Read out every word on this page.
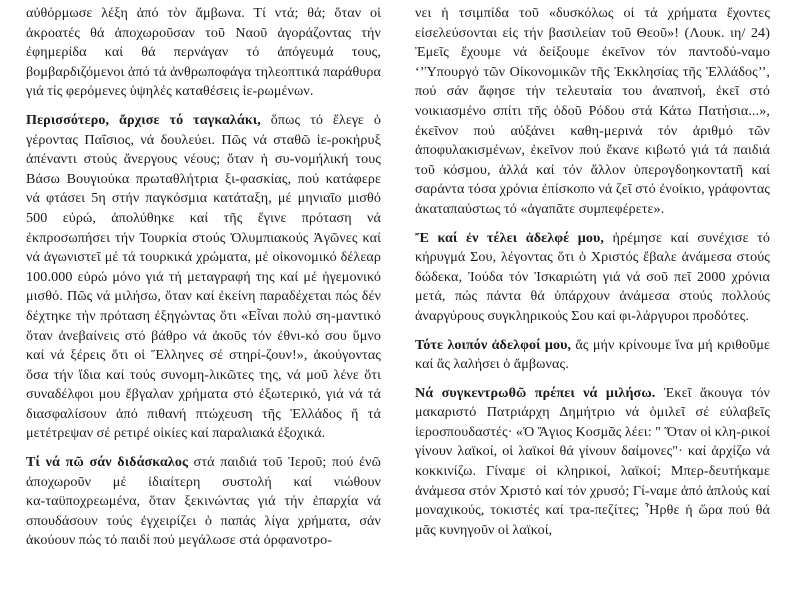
αὐθόρμωσε λέξη ἀπό τὸν ἄμβωνα. Τί ντά; θά; ὅταν οἱ ἀκροατές θά ἀποχωροῦσαν τοῦ Ναοῦ ἀγοράζοντας τήν ἐφημερίδα καί θά περνάγαν τό ἀπόγευμά τους, βομβαρδιζόμενοι ἀπό τά ἀνθρωποφάγα τηλεοπτικά παράθυρα γιά τίς φερόμενες ὑψηλές καταθέσεις ἱε‑ρωμένων.

Περισσότερο, ἄρχισε τό ταγκαλάκι, ὅπως τό ἔλεγε ὁ γέροντας Παΐσιος, νά δουλεύει. Πῶς νά σταθῶ ἱε‑ροκήρυξ ἀπέναντι στούς ἄνεργους νέους; ὅταν ἡ συ‑νομήλική τους Βάσω Βουγιούκα πρωταθλήτρια ξι‑φασκίας, πού κατάφερε νά φτάσει 5η στήν παγκόσμια κατάταξη, μέ μηνιαῖο μισθό 500 εὐρώ, ἀπολύθηκε καί τῆς ἔγινε πρόταση νά ἐκπροσωπήσει τήν Τουρκία στούς Ὀλυμπιακούς Ἀγῶνες καί νά ἀγωνιστεῖ μέ τά τουρκικά χρώματα, μέ οἰκονομικό δέλεαρ 100.000 εὐρώ μόνο γιά τή μεταγραφή της καί μέ ἡγεμονικό μισθό. Πῶς νά μιλήσω, ὅταν καί ἐκείνη παραδέχεται πώς δέν δέχτηκε τήν πρόταση ἐξηγώντας ὅτι «Εἶναι πολύ ση‑μαντικό ὅταν ἀνεβαίνεις στό βάθρο νά ἀκοῦς τόν ἐθνι‑κό σου ὕμνο καί νά ξέρεις ὅτι οἱ Ἕλληνες σέ στηρί‑ζουν!», ἀκούγοντας ὅσα τήν ἴδια καί τούς συνομη‑λικῶτες της, νά μοῦ λένε ὅτι συναδέλφοι μου ἔβγαλαν χρήματα στό ἐξωτερικό, γιά νά τά διασφαλίσουν ἀπό πιθανή πτώχευση τῆς Ἑλλάδος ἤ τά μετέτρεψαν σέ ρετιρέ οἰκίες καί παραλιακά ἐξοχικά.

Τί νά πῶ σάν διδάσκαλος στά παιδιά τοῦ Ἱεροῦ; πού ἐνῶ ἀποχωροῦν μέ ἰδιαίτερη συστολή καί νιώθουν κα‑ταϋποχρεωμένα, ὅταν ξεκινώντας γιά τήν ἐπαρχία νά σπουδάσουν τούς ἐγχειρίζει ὁ παπάς λίγα χρήματα, σάν ἀκούουν πώς τό παιδί πού μεγάλωσε στά ὀρφανοτρο‑

νει ἡ τσιμπίδα τοῦ «δυσκόλως οἱ τά χρήματα ἔχοντες εἰσελεύσονται εἰς τήν βασιλείαν τοῦ Θεοῦ»! (Λουκ. ιη/ 24) Ἐμεῖς ἔχουμε νά δείξουμε ἐκεῖνον τόν παντοδύ‑ναμο ‘’Ὑπουργό τῶν Οἰκονομικῶν τῆς Ἐκκλησίας τῆς Ἑλλάδος’’, πού σάν ἄφησε τήν τελευταία του ἀναπνοή, ἐκεῖ στό νοικιασμένο σπίτι τῆς ὁδοῦ Ρόδου στά Κάτω Πατήσια...», ἐκεῖνον πού αὐξάνει καθη‑μερινά τόν ἀριθμό τῶν ἀποφυλακισμένων, ἐκεῖνον πού ἔκανε κιβωτό γιά τά παιδιά τοῦ κόσμου, ἀλλά καί τόν ἄλλον ὑπερογδοηκοντατῆ καί σαράντα τόσα χρόνια ἐπίσκοπο νά ζεῖ στό ἐνοίκιο, γράφοντας ἀκαταπαύστως τό «ἀγαπᾶτε συμπεφέρετε».

Ἔ καί ἐν τέλει ἀδελφέ μου, ἠρέμησε καί συνέχισε τό κήρυγμά Σου, λέγοντας ὅτι ὁ Χριστός ἔβαλε ἀνάμεσα στούς δώδεκα, Ἰούδα τόν Ἰσκαριώτη γιά νά σοῦ πεῖ 2000 χρόνια μετά, πώς πάντα θά ὑπάρχουν ἀνάμεσα στούς πολλούς ἀναργύρους συγκληρικούς Σου καί φι‑λάργυροι προδότες.

Τότε λοιπόν ἀδελφοί μου, ἄς μήν κρίνουμε ἵνα μή κριθοῦμε καί ἄς λαλήσει ὁ ἄμβωνας.

Νά συγκεντρωθῶ πρέπει νά μιλήσω. Ἐκεῖ ἄκουγα τόν μακαριστό Πατριάρχη Δημήτριο νά ὁμιλεῖ σέ εὐλαβεῖς ἱεροσπουδαστές· «Ὁ Ἅγιος Κοσμᾶς λέει: " Ὅταν οἱ κλη‑ρικοί γίνουν λαϊκοί, οἱ λαϊκοί θά γίνουν δαίμονες"· καί ἀρχίζω νά κοκκινίζω. Γίναμε οἱ κληρικοί, λαϊκοί; Μπερ‑δευτήκαμε ἀνάμεσα στόν Χριστό καί τόν χρυσό; Γί‑ναμε ἀπό ἁπλούς καί μοναχικούς, τοκιστές καί τρα‑πεζίτες; Ἦρθε ἡ ὥρα πού θά μᾶς κυνηγοῦν οἱ λαϊκοί,
